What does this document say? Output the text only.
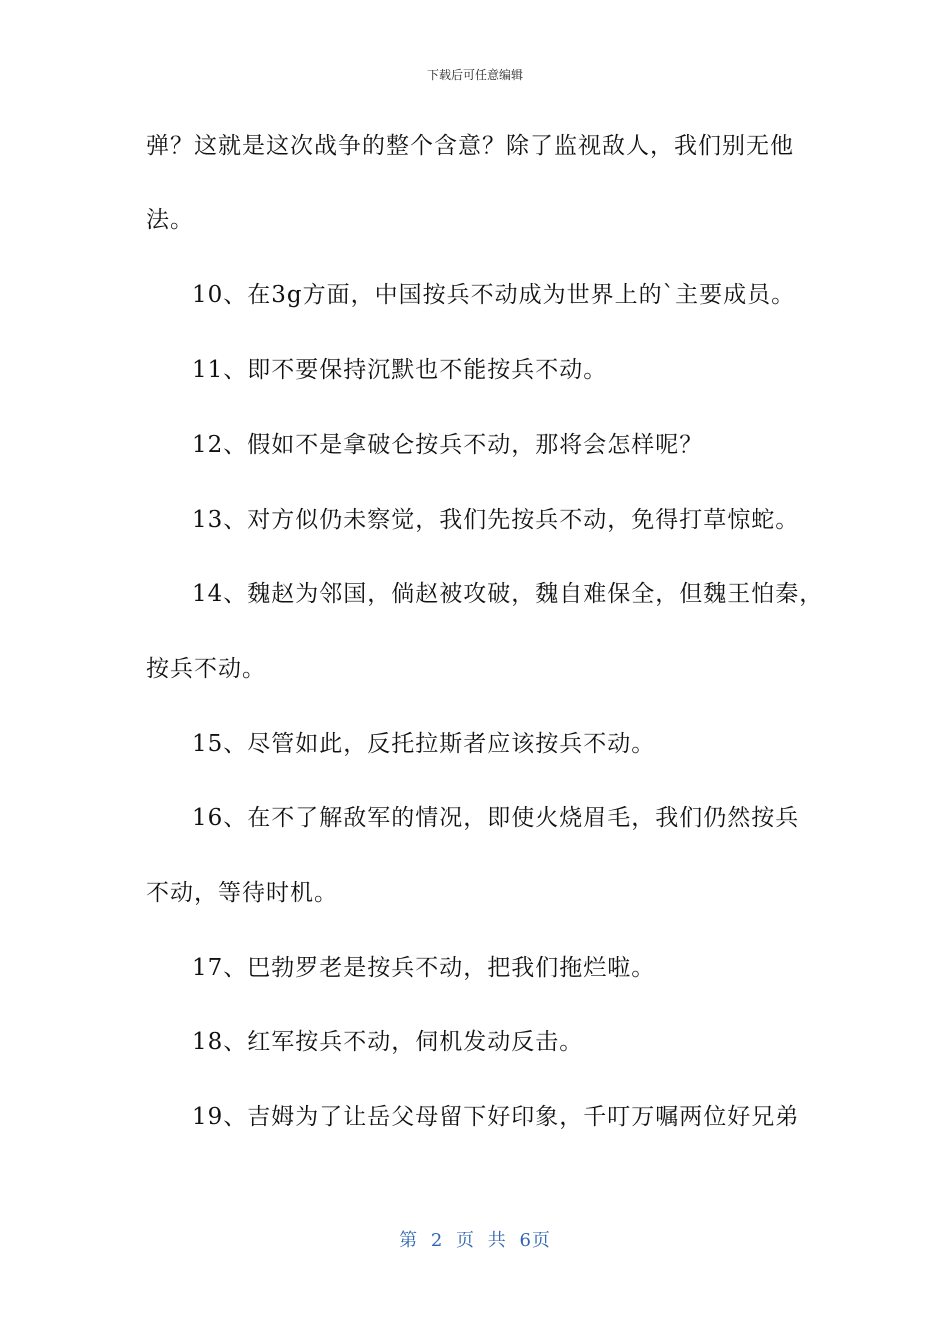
下载后可任意编辑
弹？这就是这次战争的整个含意？除了监视敌人，我们别无他
法。
10、在3g方面，中国按兵不动成为世界上的`主要成员。
11、即不要保持沉默也不能按兵不动。
12、假如不是拿破仑按兵不动，那将会怎样呢？
13、对方似仍未察觉，我们先按兵不动，免得打草惊蛇。
14、魏赵为邻国，倘赵被攻破，魏自难保全，但魏王怕秦，
按兵不动。
15、尽管如此，反托拉斯者应该按兵不动。
16、在不了解敌军的情况，即使火烧眉毛，我们仍然按兵
不动，等待时机。
17、巴勃罗老是按兵不动，把我们拖烂啦。
18、红军按兵不动，伺机发动反击。
19、吉姆为了让岳父母留下好印象，千叮万嘱两位好兄弟
第 2 页 共 6页
